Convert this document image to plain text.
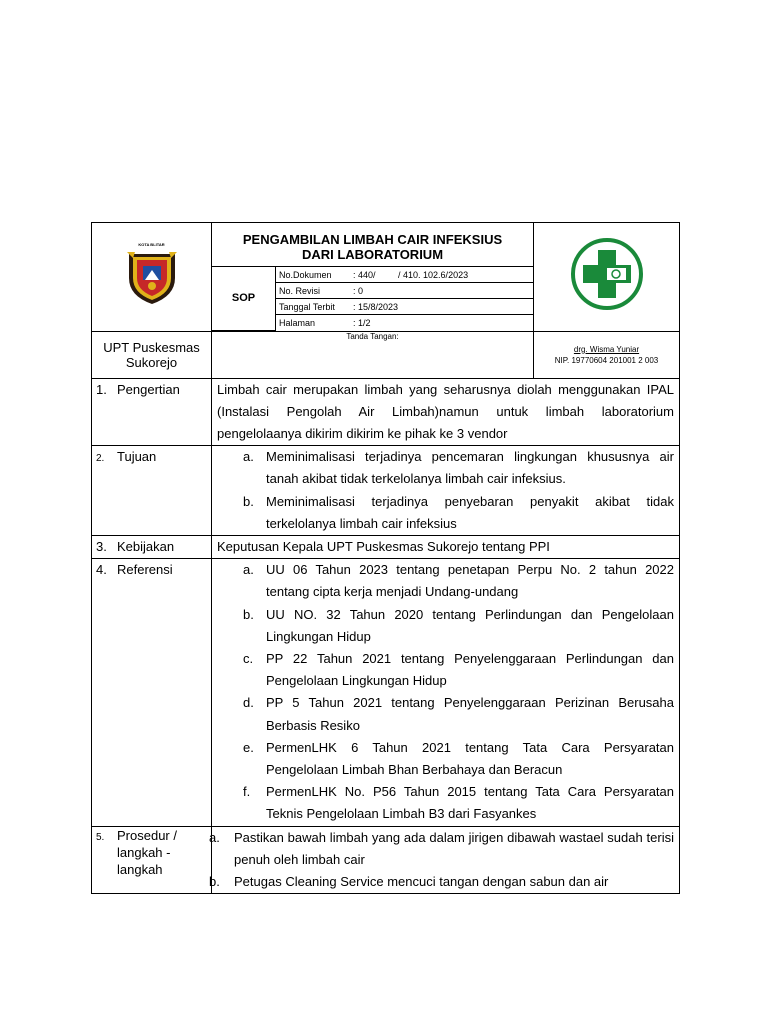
KOTA BLITAR	PENGAMBILAN LIMBAH CAIR INFEKSIUS
DARI LABORATORIUM
SOP	No.Dokumen	: 440/         / 410. 102.6/2023
No. Revisi	: 0
Tanggal Terbit	: 15/8/2023
Halaman	: 1/2

UPT Puskesmas
Sukorejo

Tanda Tangan:

drg. Wisma Yuniar
NIP. 19770604 201001 2 003

1. Pengertian	Limbah cair merupakan limbah yang seharusnya diolah menggunakan IPAL (Instalasi Pengolah Air Limbah)namun untuk limbah laboratorium pengelolaanya dikirim dikirim ke pihak ke 3 vendor

2. Tujuan	a. Meminimalisasi terjadinya pencemaran lingkungan khususnya air tanah akibat tidak terkelolanya limbah cair infeksius.
b. Meminimalisasi terjadinya penyebaran penyakit akibat tidak terkelolanya limbah cair infeksius

3. Kebijakan	Keputusan Kepala UPT Puskesmas Sukorejo tentang PPI

4. Referensi	a. UU 06 Tahun 2023 tentang penetapan Perpu No. 2 tahun 2022 tentang cipta kerja menjadi Undang-undang
b. UU NO. 32 Tahun 2020 tentang Perlindungan dan Pengelolaan Lingkungan Hidup
c. PP 22 Tahun 2021 tentang Penyelenggaraan Perlindungan dan Pengelolaan Lingkungan Hidup
d. PP 5 Tahun 2021 tentang Penyelenggaraan Perizinan Berusaha Berbasis Resiko
e. PermenLHK 6 Tahun 2021 tentang Tata Cara Persyaratan Pengelolaan Limbah Bhan Berbahaya dan Beracun
f. PermenLHK No. P56 Tahun 2015 tentang Tata Cara Persyaratan Teknis Pengelolaan Limbah B3 dari Fasyankes

5. Prosedur /
langkah -
langkah

a. Pastikan bawah limbah yang ada dalam jirigen dibawah wastael sudah terisi penuh oleh limbah cair
b. Petugas Cleaning Service mencuci tangan dengan sabun dan air
